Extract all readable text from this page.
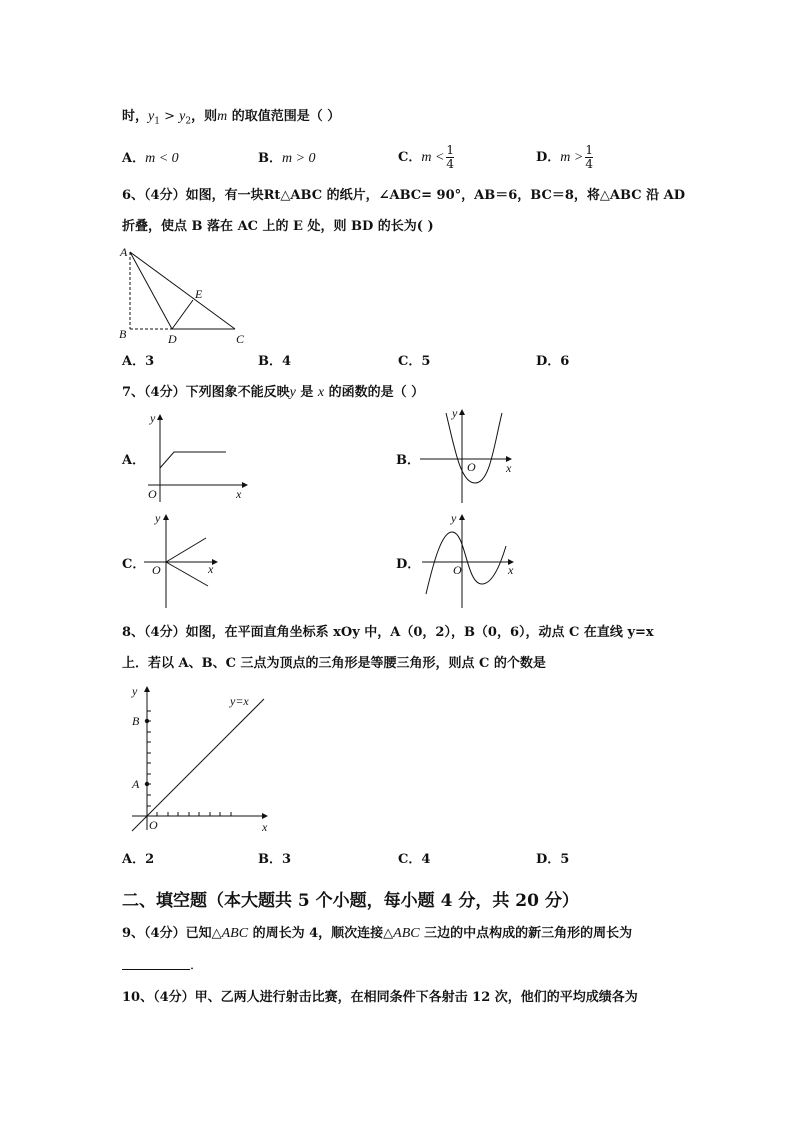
时，$y_1 > y_2$，则m 的取值范围是（ ）
A．m < 0	B．m > 0	C．$m < \frac{1}{4}$	D．$m > \frac{1}{4}$
6、（4分）如图，有一块Rt△ABC 的纸片，∠ABC= 90°，AB＝6，BC＝8，将△ABC 沿 AD
折叠，使点 B 落在 AC 上的 E 处，则 BD 的长为( )
A
B	D	C
E
A．3	B．4	C．5	D．6
7、（4分）下列图象不能反映y 是 x 的函数的是（ ）
A．
y
x
O
B．
y
x
O
C．
y
x
O	D．
y
x
O
8、（4分）如图，在平面直角坐标系 xOy 中，A（0，2），B（0，6），动点 C 在直线 y=x
上．若以 A、B、C 三点为顶点的三角形是等腰三角形，则点 C 的个数是
y
x
O
A
B
y=x
A．2	B．3	C．4	D．5
二、填空题（本大题共 5 个小题，每小题 4 分，共 20 分）
9、（4分）已知△ABC 的周长为 4，顺次连接△ABC 三边的中点构成的新三角形的周长为
．
10、（4分）甲、乙两人进行射击比赛，在相同条件下各射击 12 次，他们的平均成绩各为
